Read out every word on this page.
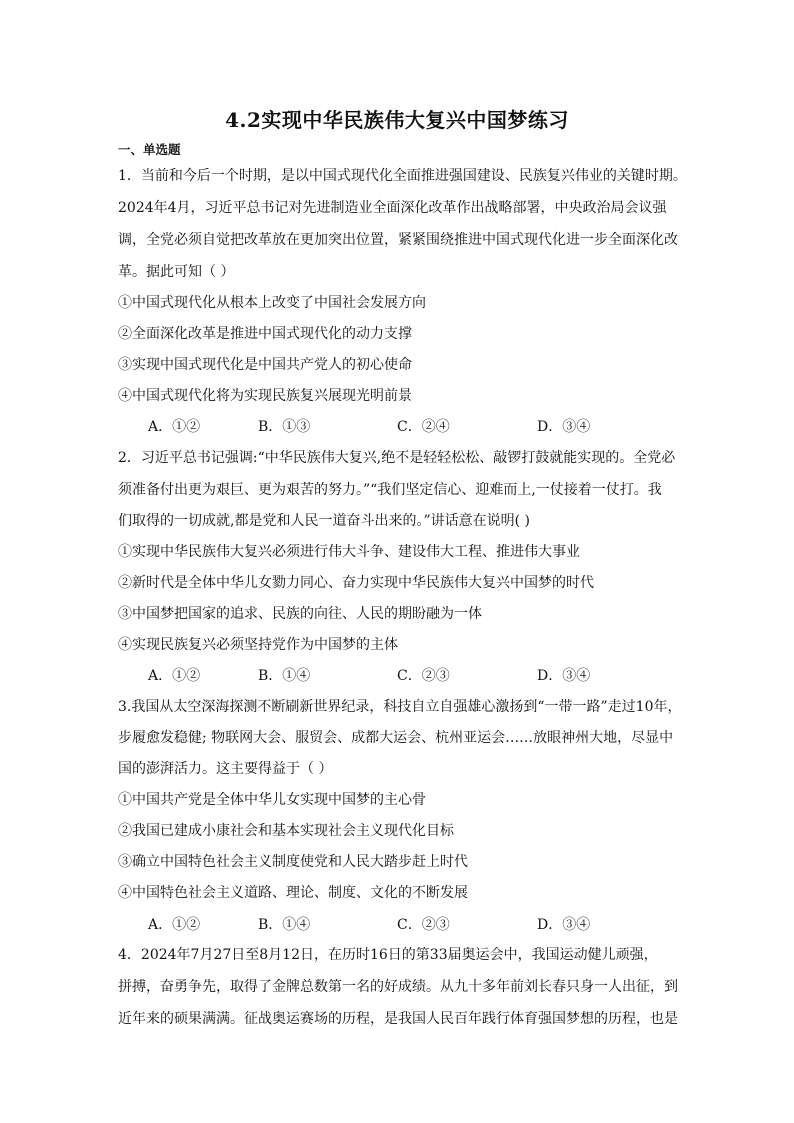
4.2实现中华民族伟大复兴中国梦练习
一、单选题
1．当前和今后一个时期，是以中国式现代化全面推进强国建设、民族复兴伟业的关键时期。
2024年4月，习近平总书记对先进制造业全面深化改革作出战略部署，中央政治局会议强
调，全党必须自觉把改革放在更加突出位置，紧紧围绕推进中国式现代化进一步全面深化改
革。据此可知（ ）
①中国式现代化从根本上改变了中国社会发展方向
②全面深化改革是推进中国式现代化的动力支撑
③实现中国式现代化是中国共产党人的初心使命
④中国式现代化将为实现民族复兴展现光明前景
A．①②	B．①③	C．②④	D．③④
2．习近平总书记强调:“中华民族伟大复兴,绝不是轻轻松松、敲锣打鼓就能实现的。全党必
须准备付出更为艰巨、更为艰苦的努力。”“我们坚定信心、迎难而上,一仗接着一仗打。我
们取得的一切成就,都是党和人民一道奋斗出来的。”讲话意在说明( )
①实现中华民族伟大复兴必须进行伟大斗争、建设伟大工程、推进伟大事业
②新时代是全体中华儿女勠力同心、奋力实现中华民族伟大复兴中国梦的时代
③中国梦把国家的追求、民族的向往、人民的期盼融为一体
④实现民族复兴必须坚持党作为中国梦的主体
A．①②	B．①④	C．②③	D．③④
3.我国从太空深海探测不断刷新世界纪录，科技自立自强雄心激扬到“一带一路”走过10年，
步履愈发稳健; 物联网大会、服贸会、成都大运会、杭州亚运会……放眼神州大地，尽显中
国的澎湃活力。这主要得益于（ ）
①中国共产党是全体中华儿女实现中国梦的主心骨
②我国已建成小康社会和基本实现社会主义现代化目标
③确立中国特色社会主义制度使党和人民大踏步赶上时代
④中国特色社会主义道路、理论、制度、文化的不断发展
A．①②	B．①④	C．②③	D．③④
4．2024年7月27日至8月12日，在历时16日的第33届奥运会中，我国运动健儿顽强，
拼搏，奋勇争先，取得了金牌总数第一名的好成绩。从九十多年前刘长春只身一人出征，到
近年来的硕果满满。征战奥运赛场的历程，是我国人民百年践行体育强国梦想的历程，也是
